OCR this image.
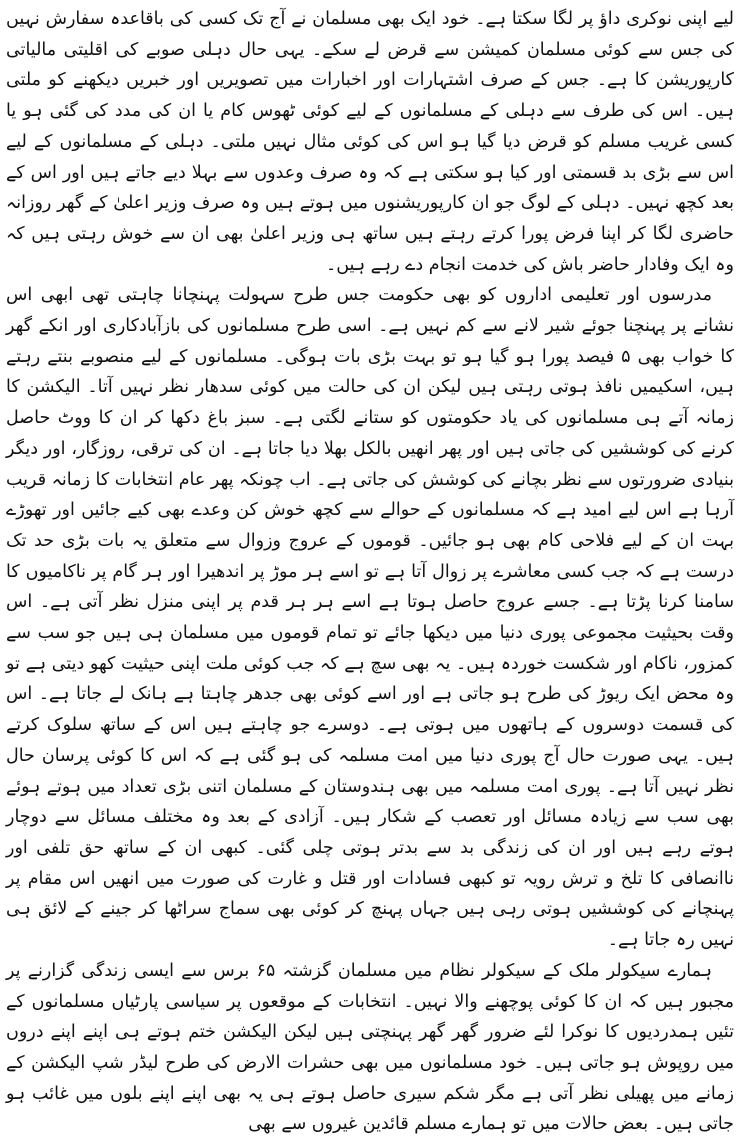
لیے اپنی نوکری داؤ پر لگا سکتا ہے۔ خود ایک بھی مسلمان نے آج تک کسی کی باقاعدہ سفارش نہیں کی جس سے کوئی مسلمان کمیشن سے قرض لے سکے۔ یہی حال دہلی صوبے کی اقلیتی مالیاتی کارپوریشن کا ہے۔ جس کے صرف اشتہارات اور اخبارات میں تصویریں اور خبریں دیکھنے کو ملتی ہیں۔ اس کی طرف سے دہلی کے مسلمانوں کے لیے کوئی ٹھوس کام یا ان کی مدد کی گئی ہو یا کسی غریب مسلم کو قرض دیا گیا ہو اس کی کوئی مثال نہیں ملتی۔ دہلی کے مسلمانوں کے لیے اس سے بڑی بد قسمتی اور کیا ہو سکتی ہے کہ وہ صرف وعدوں سے بہلا دیے جاتے ہیں اور اس کے بعد کچھ نہیں۔ دہلی کے لوگ جو ان کارپوریشنوں میں ہوتے ہیں وہ صرف وزیر اعلیٰ کے گھر روزانہ حاضری لگا کر اپنا فرض پورا کرتے رہتے ہیں ساتھ ہی وزیر اعلیٰ بھی ان سے خوش رہتی ہیں کہ وہ ایک وفادار حاضر باش کی خدمت انجام دے رہے ہیں۔

مدرسوں اور تعلیمی اداروں کو بھی حکومت جس طرح سہولت پہنچانا چاہتی تھی ابھی اس نشانے پر پہنچنا جوئے شیر لانے سے کم نہیں ہے۔ اسی طرح مسلمانوں کی بازآبادکاری اور انکے گھر کا خواب بھی ۵ فیصد پورا ہو گیا ہو تو بہت بڑی بات ہوگی۔ مسلمانوں کے لیے منصوبے بنتے رہتے ہیں، اسکیمیں نافذ ہوتی رہتی ہیں لیکن ان کی حالت میں کوئی سدھار نظر نہیں آتا۔ الیکشن کا زمانہ آتے ہی مسلمانوں کی یاد حکومتوں کو ستانے لگتی ہے۔ سبز باغ دکھا کر ان کا ووٹ حاصل کرنے کی کوششیں کی جاتی ہیں اور پھر انھیں بالکل بھلا دیا جاتا ہے۔ ان کی ترقی، روزگار، اور دیگر بنیادی ضرورتوں سے نظر بچانے کی کوشش کی جاتی ہے۔ اب چونکہ پھر عام انتخابات کا زمانہ قریب آرہا ہے اس لیے امید ہے کہ مسلمانوں کے حوالے سے کچھ خوش کن وعدے بھی کیے جائیں اور تھوڑے بہت ان کے لیے فلاحی کام بھی ہو جائیں۔ قوموں کے عروج وزوال سے متعلق یہ بات بڑی حد تک درست ہے کہ جب کسی معاشرے پر زوال آتا ہے تو اسے ہر موڑ پر اندھیرا اور ہر گام پر ناکامیوں کا سامنا کرنا پڑتا ہے۔ جسے عروج حاصل ہوتا ہے اسے ہر ہر قدم پر اپنی منزل نظر آتی ہے۔ اس وقت بحیثیت مجموعی پوری دنیا میں دیکھا جائے تو تمام قوموں میں مسلمان ہی ہیں جو سب سے کمزور، ناکام اور شکست خوردہ ہیں۔ یہ بھی سچ ہے کہ جب کوئی ملت اپنی حیثیت کھو دیتی ہے تو وہ محض ایک ریوڑ کی طرح ہو جاتی ہے اور اسے کوئی بھی جدھر چاہتا ہے ہانک لے جاتا ہے۔ اس کی قسمت دوسروں کے ہاتھوں میں ہوتی ہے۔ دوسرے جو چاہتے ہیں اس کے ساتھ سلوک کرتے ہیں۔ یہی صورت حال آج پوری دنیا میں امت مسلمہ کی ہو گئی ہے کہ اس کا کوئی پرسان حال نظر نہیں آتا ہے۔ پوری امت مسلمہ میں بھی ہندوستان کے مسلمان اتنی بڑی تعداد میں ہوتے ہوئے بھی سب سے زیادہ مسائل اور تعصب کے شکار ہیں۔ آزادی کے بعد وہ مختلف مسائل سے دوچار ہوتے رہے ہیں اور ان کی زندگی بد سے بدتر ہوتی چلی گئی۔ کبھی ان کے ساتھ حق تلفی اور ناانصافی کا تلخ و ترش رویہ تو کبھی فسادات اور قتل و غارت کی صورت میں انھیں اس مقام پر پہنچانے کی کوششیں ہوتی رہی ہیں جہاں پہنچ کر کوئی بھی سماج سراٹھا کر جینے کے لائق ہی نہیں رہ جاتا ہے۔

ہمارے سیکولر ملک کے سیکولر نظام میں مسلمان گزشتہ ۶۵ برس سے ایسی زندگی گزارنے پر مجبور ہیں کہ ان کا کوئی پوچھنے والا نہیں۔ انتخابات کے موقعوں پر سیاسی پارٹیاں مسلمانوں کے تئیں ہمدردیوں کا نوکرا لئے ضرور گھر گھر پہنچتی ہیں لیکن الیکشن ختم ہوتے ہی اپنے اپنے دروں میں روپوش ہو جاتی ہیں۔ خود مسلمانوں میں بھی حشرات الارض کی طرح لیڈر شپ الیکشن کے زمانے میں پھیلی نظر آتی ہے مگر شکم سیری حاصل ہوتے ہی یہ بھی اپنے اپنے بلوں میں غائب ہو جاتی ہیں۔ بعض حالات میں تو ہمارے مسلم قائدین غیروں سے بھی
